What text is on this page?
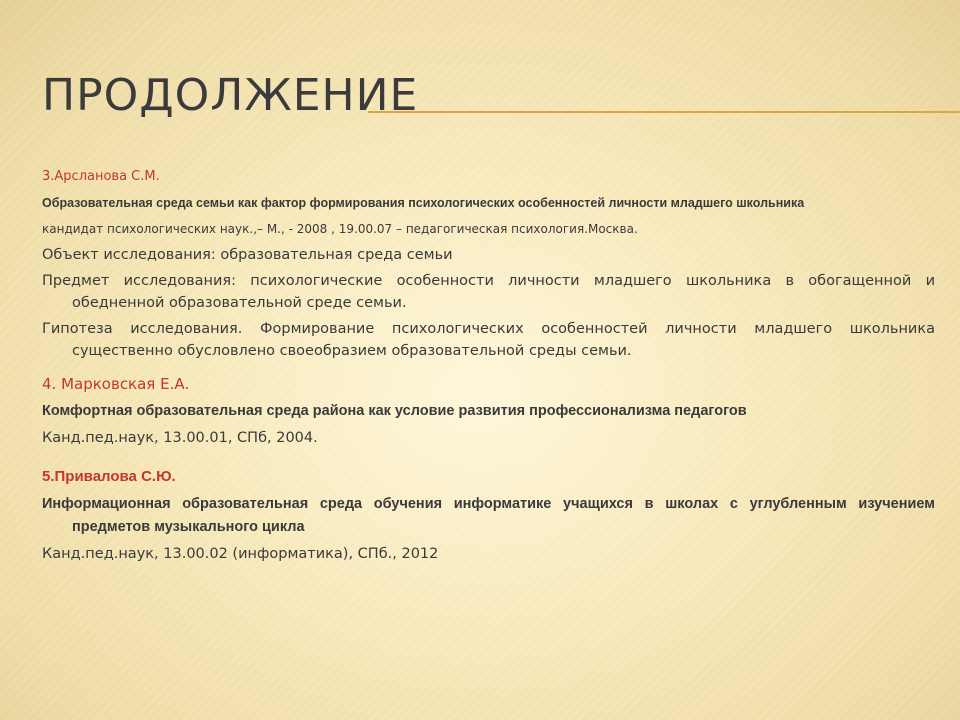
ПРОДОЛЖЕНИЕ

3.Арсланова С.М.

Образовательная среда семьи как фактор формирования психологических особенностей личности младшего школьника

кандидат психологических наук.,– М., - 2008 , 19.00.07 – педагогическая психология.Москва.

Объект исследования: образовательная среда семьи

Предмет исследования: психологические особенности личности младшего школьника в обогащенной и обедненной образовательной среде семьи.

Гипотеза исследования. Формирование психологических особенностей личности младшего школьника существенно обусловлено своеобразием образовательной среды семьи.

4. Марковская Е.А.

Комфортная образовательная среда района как условие развития профессионализма педагогов

Канд.пед.наук, 13.00.01, СПб, 2004.

5.Привалова С.Ю.

Информационная образовательная среда обучения информатике учащихся в школах с углубленным изучением предметов музыкального цикла

Канд.пед.наук, 13.00.02 (информатика), СПб., 2012
